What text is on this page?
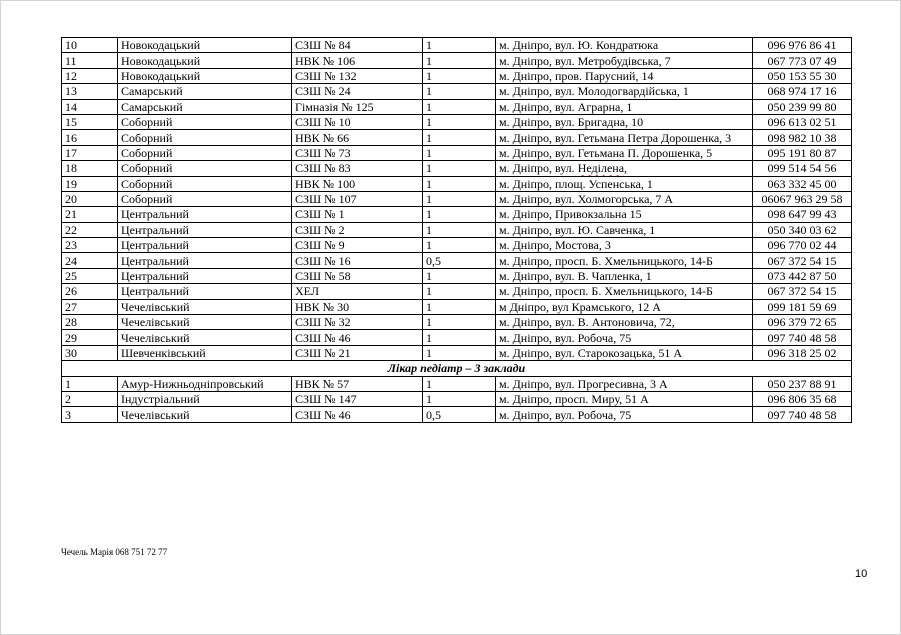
10	Новокодацький	СЗШ № 84	1	м. Дніпро, вул. Ю. Кондратюка	096 976 86 41
11	Новокодацький	НВК № 106	1	м. Дніпро, вул. Метробудівська, 7	067 773 07 49
12	Новокодацький	СЗШ № 132	1	м. Дніпро, пров. Парусний, 14	050 153 55 30
13	Самарський	СЗШ № 24	1	м. Дніпро, вул. Молодогвардійська, 1	068 974 17 16
14	Самарський	Гімназія № 125	1	м. Дніпро, вул. Аграрна, 1	050 239 99 80
15	Соборний	СЗШ № 10	1	м. Дніпро, вул. Бригадна, 10	096 613 02 51
16	Соборний	НВК № 66	1	м. Дніпро, вул. Гетьмана Петра Дорошенка, 3	098 982 10 38
17	Соборний	СЗШ № 73	1	м. Дніпро, вул. Гетьмана П. Дорошенка, 5	095 191 80 87
18	Соборний	СЗШ № 83	1	м. Дніпро, вул. Неділена,	099 514 54 56
19	Соборний	НВК № 100	1	м. Дніпро, площ. Успенська, 1	063 332 45 00
20	Соборний	СЗШ № 107	1	м. Дніпро, вул. Холмогорська, 7 А	06067 963 29 58
21	Центральний	СЗШ № 1	1	м. Дніпро, Привокзальна 15	098 647 99 43
22	Центральний	СЗШ № 2	1	м. Дніпро, вул. Ю. Савченка, 1	050 340 03 62
23	Центральний	СЗШ № 9	1	м. Дніпро, Мостова, 3	096 770 02 44
24	Центральний	СЗШ № 16	0,5	м. Дніпро, просп. Б. Хмельницького, 14-Б	067 372 54 15
25	Центральний	СЗШ № 58	1	м. Дніпро, вул. В. Чапленка, 1	073 442 87 50
26	Центральний	ХЕЛ	1	м. Дніпро, просп. Б. Хмельницького, 14-Б	067 372 54 15
27	Чечелівський	НВК № 30	1	м Дніпро, вул Крамського, 12 А	099 181 59 69
28	Чечелівський	СЗШ № 32	1	м. Дніпро, вул. В. Антоновича, 72,	096 379 72 65
29	Чечелівський	СЗШ № 46	1	м. Дніпро, вул. Робоча, 75	097 740 48 58
30	Шевченківський	СЗШ № 21	1	м. Дніпро, вул. Старокозацька, 51 А	096 318 25 02
Лікар педіатр – 3 заклади					
1	Амур-Нижньодніпровський	НВК № 57	1	м. Дніпро, вул. Прогресивна, 3 А	050 237 88 91
2	Індустріальний	СЗШ № 147	1	м. Дніпро, просп. Миру, 51 А	096 806 35 68
3	Чечелівський	СЗШ № 46	0,5	м. Дніпро, вул. Робоча, 75	097 740 48 58
Чечель Марія 068 751 72 77
10
